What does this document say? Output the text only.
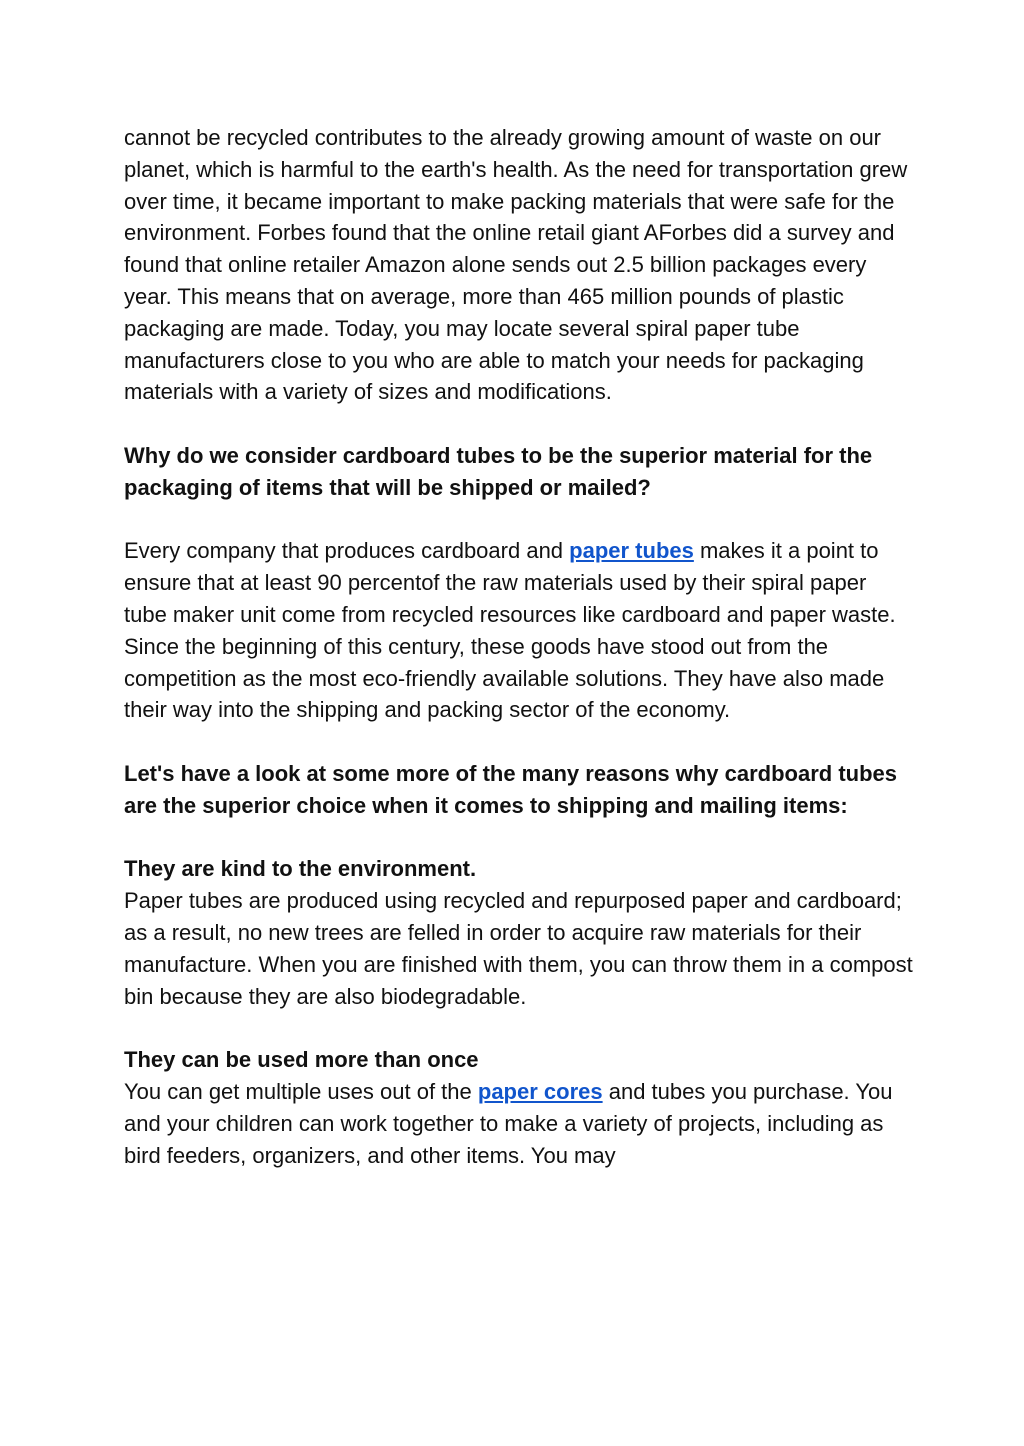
cannot be recycled contributes to the already growing amount of waste on our planet, which is harmful to the earth's health. As the need for transportation grew over time, it became important to make packing materials that were safe for the environment. Forbes found that the online retail giant AForbes did a survey and found that online retailer Amazon alone sends out 2.5 billion packages every year. This means that on average, more than 465 million pounds of plastic packaging are made. Today, you may locate several spiral paper tube manufacturers close to you who are able to match your needs for packaging materials with a variety of sizes and modifications.

Why do we consider cardboard tubes to be the superior material for the packaging of items that will be shipped or mailed?

Every company that produces cardboard and paper tubes makes it a point to ensure that at least 90 percentof the raw materials used by their spiral paper tube maker unit come from recycled resources like cardboard and paper waste. Since the beginning of this century, these goods have stood out from the competition as the most eco-friendly available solutions. They have also made their way into the shipping and packing sector of the economy.

Let's have a look at some more of the many reasons why cardboard tubes are the superior choice when it comes to shipping and mailing items:

They are kind to the environment.

Paper tubes are produced using recycled and repurposed paper and cardboard; as a result, no new trees are felled in order to acquire raw materials for their manufacture. When you are finished with them, you can throw them in a compost bin because they are also biodegradable.

They can be used more than once

You can get multiple uses out of the paper cores and tubes you purchase. You and your children can work together to make a variety of projects, including as bird feeders, organizers, and other items. You may
